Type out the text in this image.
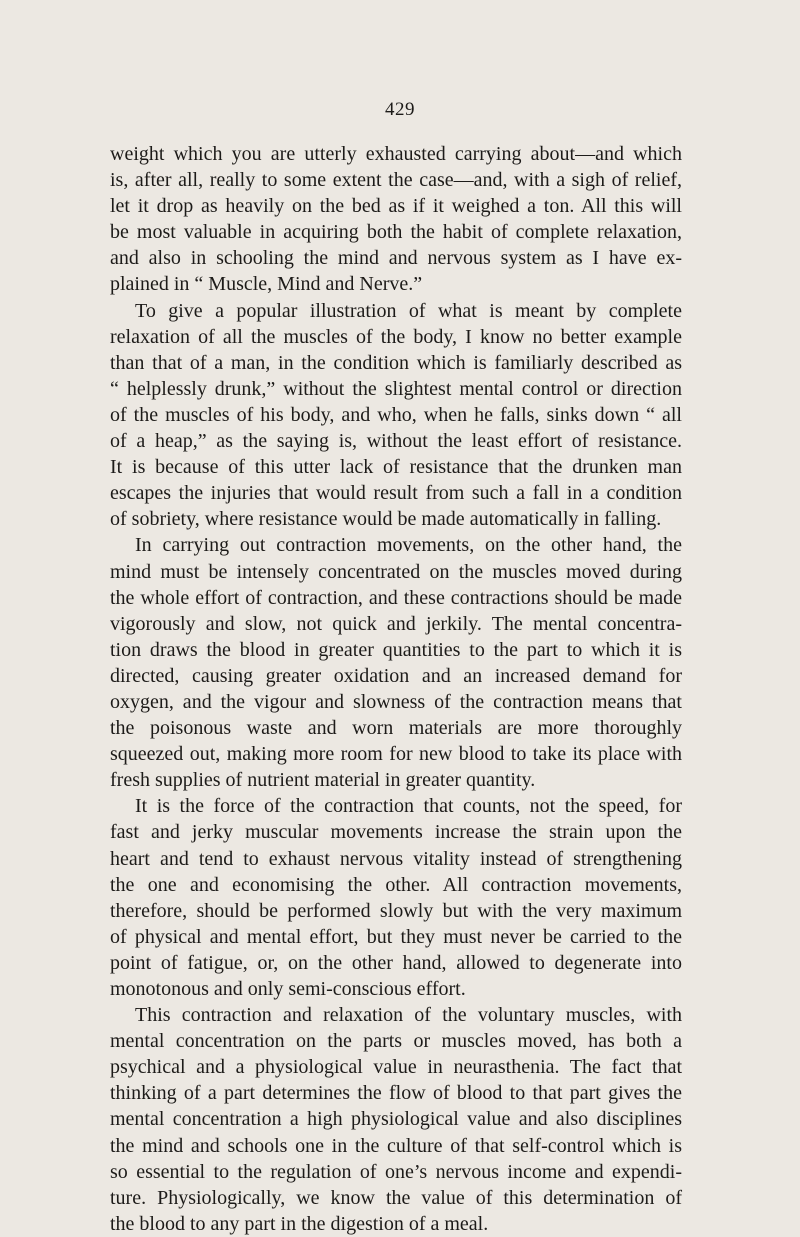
429
weight which you are utterly exhausted carrying about—and which
is, after all, really to some extent the case—and, with a sigh of relief,
let it drop as heavily on the bed as if it weighed a ton. All this will
be most valuable in acquiring both the habit of complete relaxation,
and also in schooling the mind and nervous system as I have ex-
plained in “ Muscle, Mind and Nerve.”
To give a popular illustration of what is meant by complete
relaxation of all the muscles of the body, I know no better example
than that of a man, in the condition which is familiarly described as
“ helplessly drunk,” without the slightest mental control or direction
of the muscles of his body, and who, when he falls, sinks down “ all
of a heap,” as the saying is, without the least effort of resistance.
It is because of this utter lack of resistance that the drunken man
escapes the injuries that would result from such a fall in a condition
of sobriety, where resistance would be made automatically in falling.
In carrying out contraction movements, on the other hand, the
mind must be intensely concentrated on the muscles moved during
the whole effort of contraction, and these contractions should be made
vigorously and slow, not quick and jerkily. The mental concentra-
tion draws the blood in greater quantities to the part to which it is
directed, causing greater oxidation and an increased demand for
oxygen, and the vigour and slowness of the contraction means that
the poisonous waste and worn materials are more thoroughly
squeezed out, making more room for new blood to take its place with
fresh supplies of nutrient material in greater quantity.
It is the force of the contraction that counts, not the speed, for
fast and jerky muscular movements increase the strain upon the
heart and tend to exhaust nervous vitality instead of strengthening
the one and economising the other. All contraction movements,
therefore, should be performed slowly but with the very maximum
of physical and mental effort, but they must never be carried to the
point of fatigue, or, on the other hand, allowed to degenerate into
monotonous and only semi-conscious effort.
This contraction and relaxation of the voluntary muscles, with
mental concentration on the parts or muscles moved, has both a
psychical and a physiological value in neurasthenia. The fact that
thinking of a part determines the flow of blood to that part gives the
mental concentration a high physiological value and also disciplines
the mind and schools one in the culture of that self-control which is
so essential to the regulation of one’s nervous income and expendi-
ture. Physiologically, we know the value of this determination of
the blood to any part in the digestion of a meal.
